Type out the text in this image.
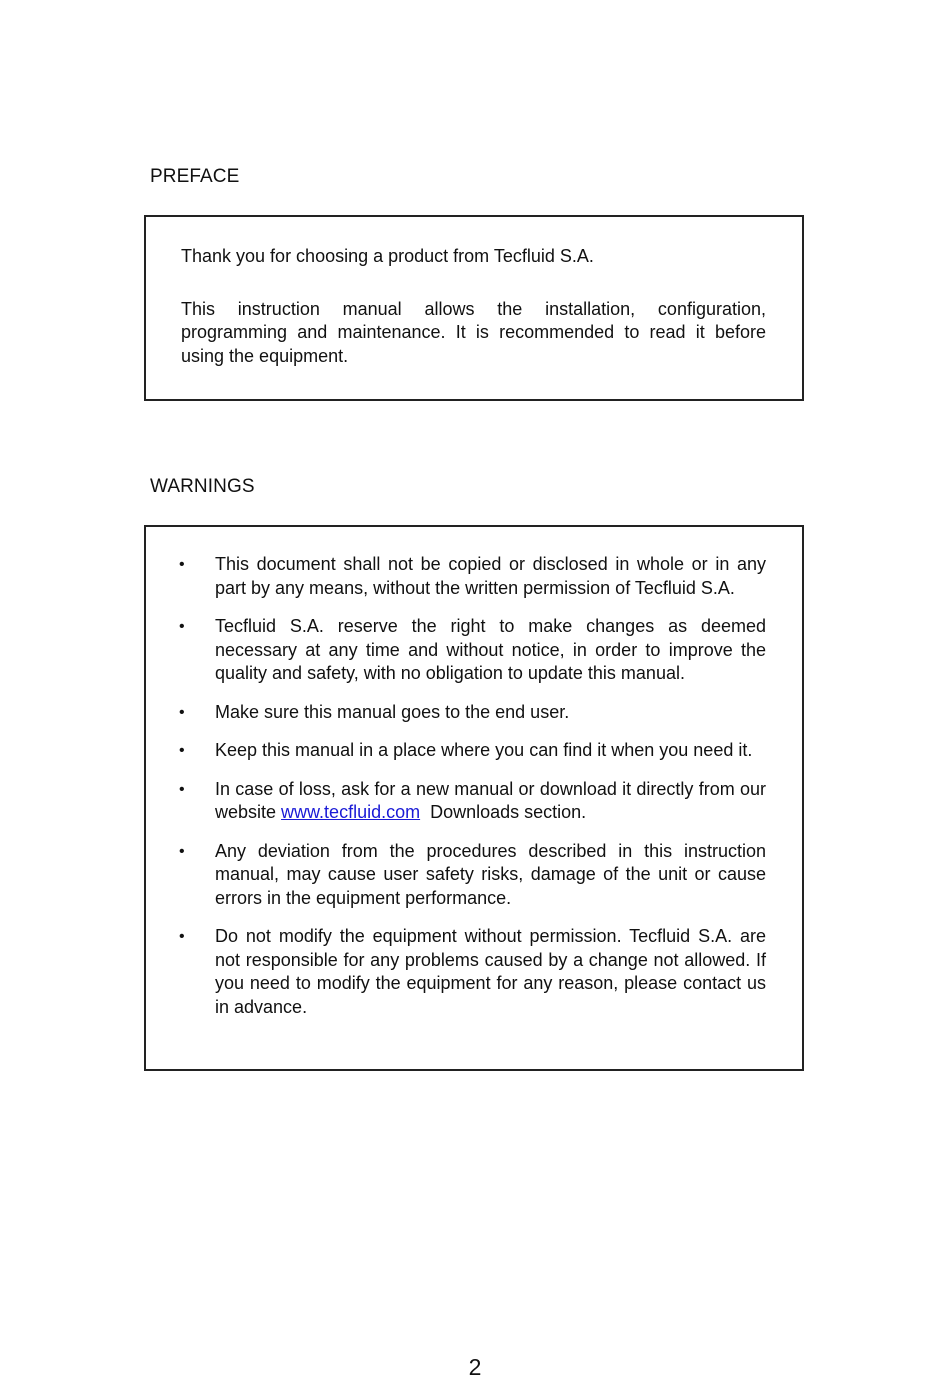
PREFACE

Thank you for choosing a product from Tecfluid S.A.

This instruction manual allows the installation, configuration, programming and maintenance. It is recommended to read it before using the equipment.

WARNINGS
• This document shall not be copied or disclosed in whole or in any part by any means, without the written permission of Tecfluid S.A.
• Tecfluid S.A. reserve the right to make changes as deemed necessary at any time and without notice, in order to improve the quality and safety, with no obligation to update this manual.
• Make sure this manual goes to the end user.
• Keep this manual in a place where you can find it when you need it.
• In case of loss, ask for a new manual or download it directly from our website www.tecfluid.com  Downloads section.
• Any deviation from the procedures described in this instruction manual, may cause user safety risks, damage of the unit or cause errors in the equipment performance.
• Do not modify the equipment without permission. Tecfluid S.A. are not responsible for any problems caused by a change not allowed. If you need to modify the equipment for any reason, please contact us in advance.
2
